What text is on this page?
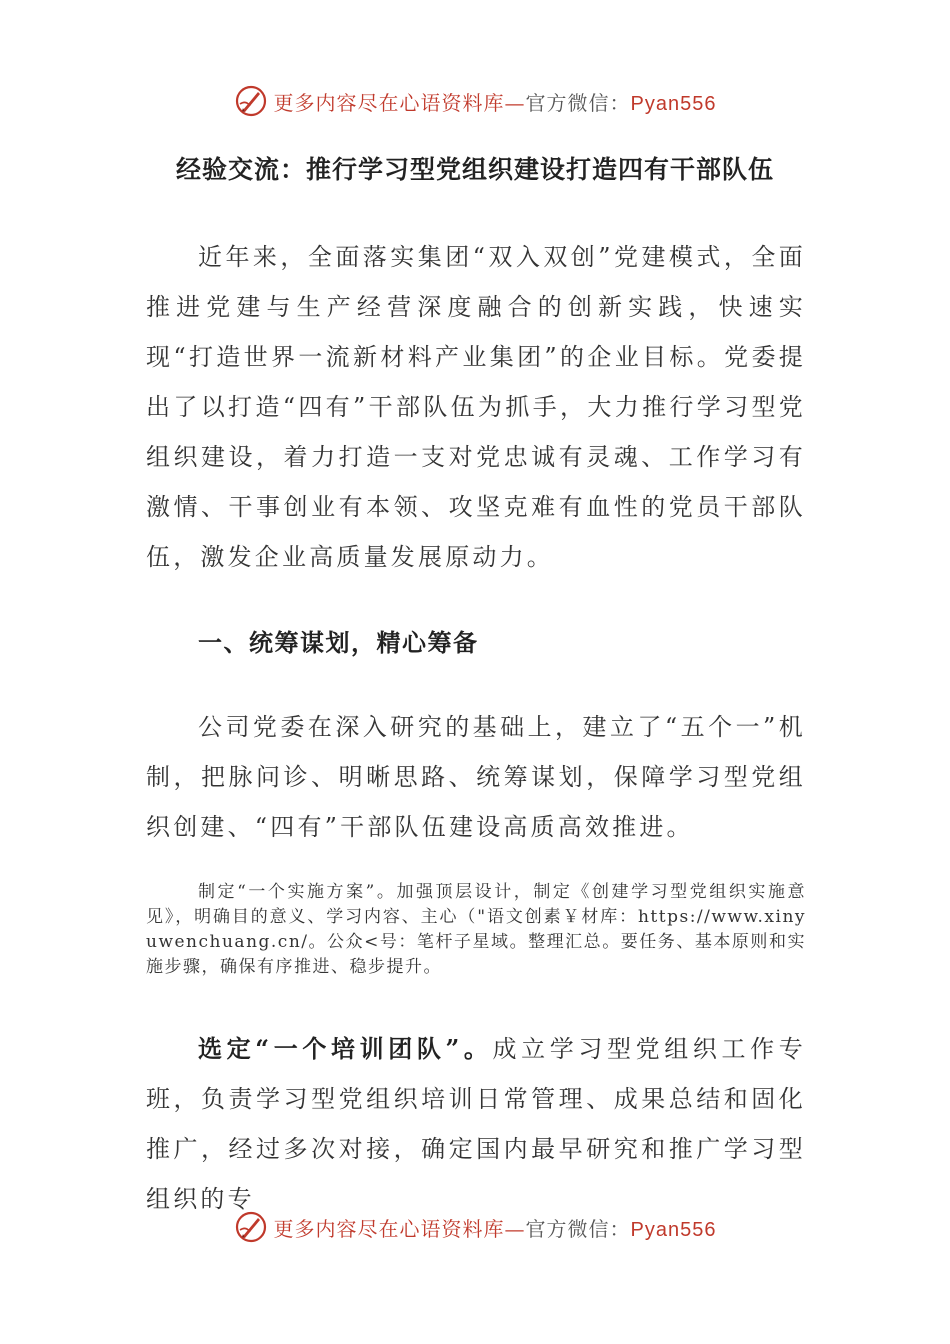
更多内容尽在心语资料库—官方微信：Pyan556
经验交流：推行学习型党组织建设打造四有干部队伍

近年来，全面落实集团“双入双创”党建模式，全面推进党建与生产经营深度融合的创新实践，快速实现“打造世界一流新材料产业集团”的企业目标。党委提出了以打造“四有”干部队伍为抓手，大力推行学习型党组织建设，着力打造一支对党忠诚有灵魂、工作学习有激情、干事创业有本领、攻坚克难有血性的党员干部队伍，激发企业高质量发展原动力。

一、统筹谋划，精心筹备

公司党委在深入研究的基础上，建立了“五个一”机制，把脉问诊、明晰思路、统筹谋划，保障学习型党组织创建、“四有”干部队伍建设高质高效推进。

制定“一个实施方案”。加强顶层设计，制定《创建学习型党组织实施意见》，明确目的意义、学习内容、主心（"语文创素￥材库：https://www.xinyuwenchuang.cn/。公众<号：笔杆子星域。整理汇总。要任务、基本原则和实施步骤，确保有序推进、稳步提升。

选定“一个培训团队”。成立学习型党组织工作专班，负责学习型党组织培训日常管理、成果总结和固化推广，经过多次对接，确定国内最早研究和推广学习型组织的专

更多内容尽在心语资料库—官方微信：Pyan556
